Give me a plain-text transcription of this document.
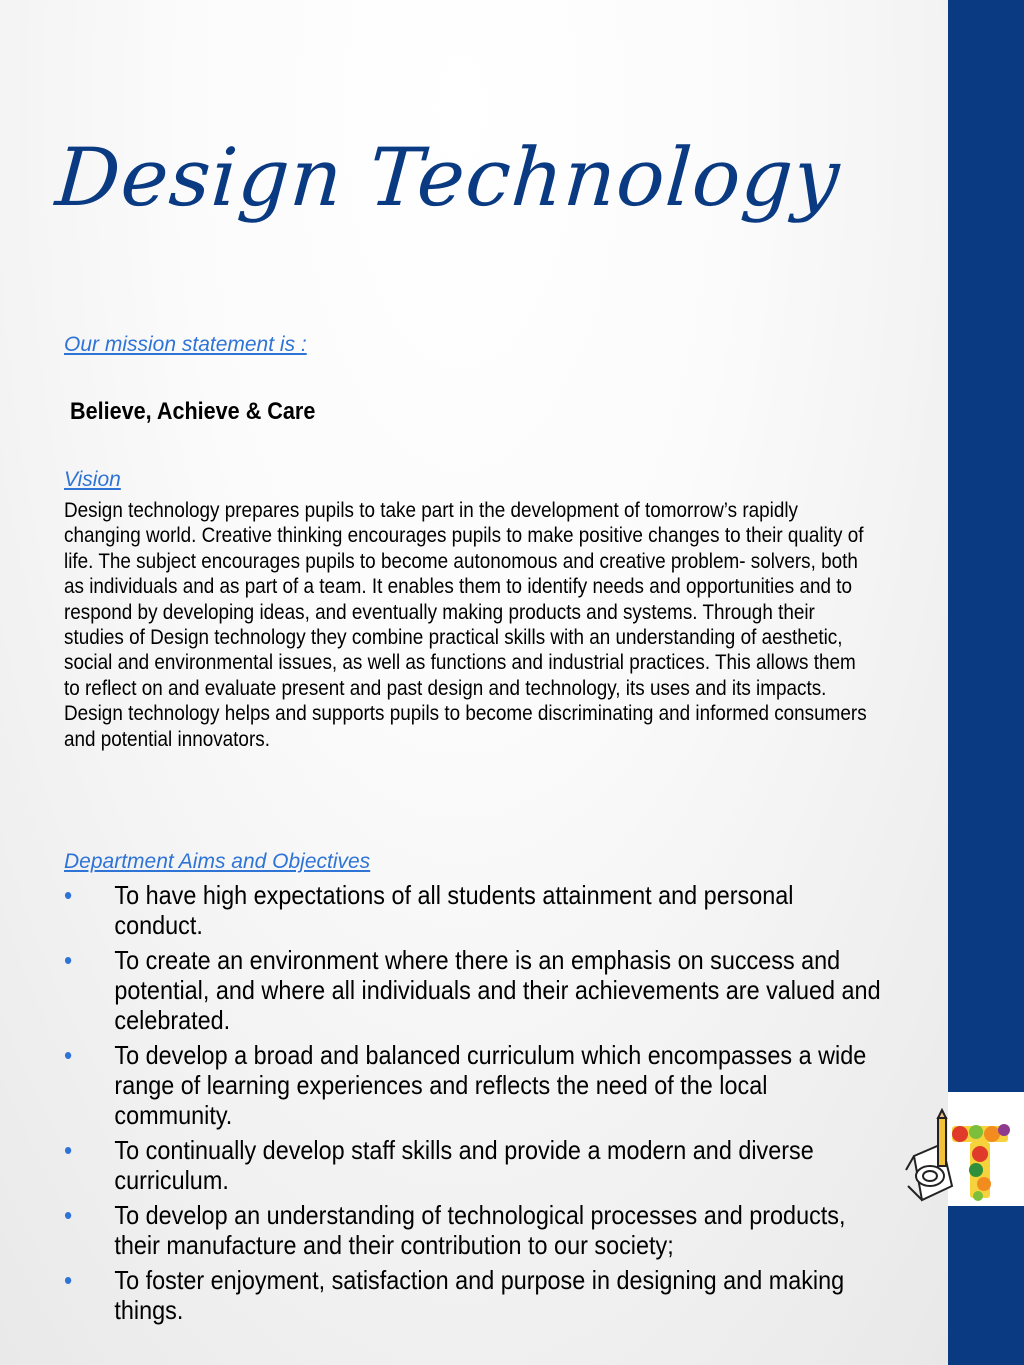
Design Technology
Our mission statement is :
Believe, Achieve & Care
Vision
Design technology prepares pupils to take part in the development of tomorrow’s rapidly changing world. Creative thinking encourages pupils to make positive changes to their quality of life. The subject encourages pupils to become autonomous and creative problem- solvers, both as individuals and as part of a team. It enables them to identify needs and opportunities and to respond by developing ideas, and eventually making products and systems. Through their studies of Design technology they combine practical skills with an understanding of aesthetic, social and environmental issues, as well as functions and industrial practices. This allows them to reflect on and evaluate present and past design and technology, its uses and its impacts. Design technology helps and supports pupils to become discriminating and informed consumers and potential innovators.
Department Aims and Objectives
• To have high expectations of all students attainment and personal conduct.
• To create an environment where there is an emphasis on success and potential, and where all individuals and their achievements are valued and celebrated.
• To develop a broad and balanced curriculum which encompasses a wide range of learning experiences and reflects the need of the local community.
• To continually develop staff skills and provide a modern and diverse curriculum.
• To develop an understanding of technological processes and products, their manufacture and their contribution to our society;
• To foster enjoyment, satisfaction and purpose in designing and making things.
